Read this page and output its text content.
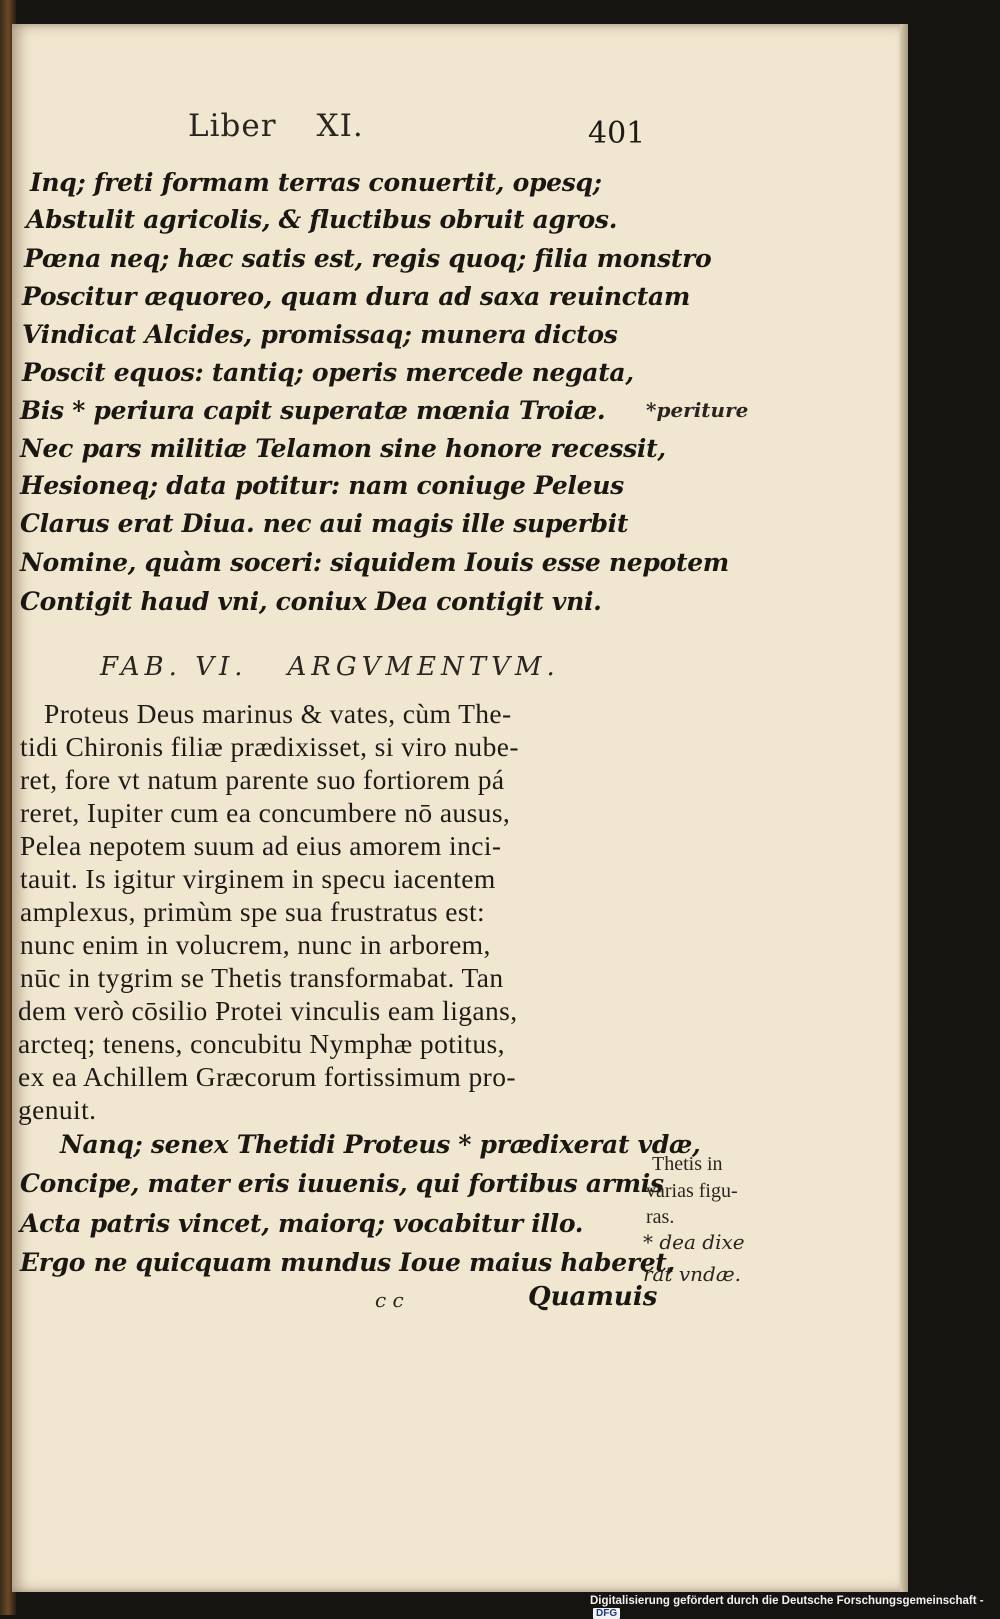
Liber XI.	401
Inq; freti formam terras conuertit, opesq;
Abstulit agricolis, & fluctibus obruit agros.
Pœna neq; hæc satis est, regis quoq; filia monstro
Poscitur æquoreo, quam dura ad saxa reuinctam
Vindicat Alcides, promissaq; munera dictos
Poscit equos: tantiq; operis mercede negata,
Bis * periura capit superatæ mœnia Troiæ.
Nec pars militiæ Telamon sine honore recessit,
Hesioneq; data potitur: nam coniuge Peleus
Clarus erat Diua. nec aui magis ille superbit
Nomine, quàm soceri: siquidem Iouis esse nepotem
Contigit haud vni, coniux Dea contigit vni.
*periture
FAB. VI. ARGVMENTVM.
Proteus Deus marinus & vates, cùm The-
tidi Chironis filiæ prædixisset, si viro nube-
ret, fore vt natum parente suo fortiorem pá
reret, Iupiter cum ea concumbere nō ausus,
Pelea nepotem suum ad eius amorem inci-
tauit. Is igitur virginem in specu iacentem
amplexus, primùm spe sua frustratus est:
nunc enim in volucrem, nunc in arborem,
nūc in tygrim se Thetis transformabat. Tan
dem verò cōsilio Protei vinculis eam ligans,
arcteq; tenens, concubitu Nymphæ potitus,
ex ea Achillem Græcorum fortissimum pro-
genuit.
Nanq; senex Thetidi Proteus * prædixerat vdæ,
Concipe, mater eris iuuenis, qui fortibus armis
Acta patris vincet, maiorq; vocabitur illo.
Ergo ne quicquam mundus Ioue maius haberet,
Thetis in
varias figu-
ras.
* dea dixe
rat vndæ.
c c	Quamuis
Digitalisierung gefördert durch die Deutsche Forschungsgemeinschaft -DFG
